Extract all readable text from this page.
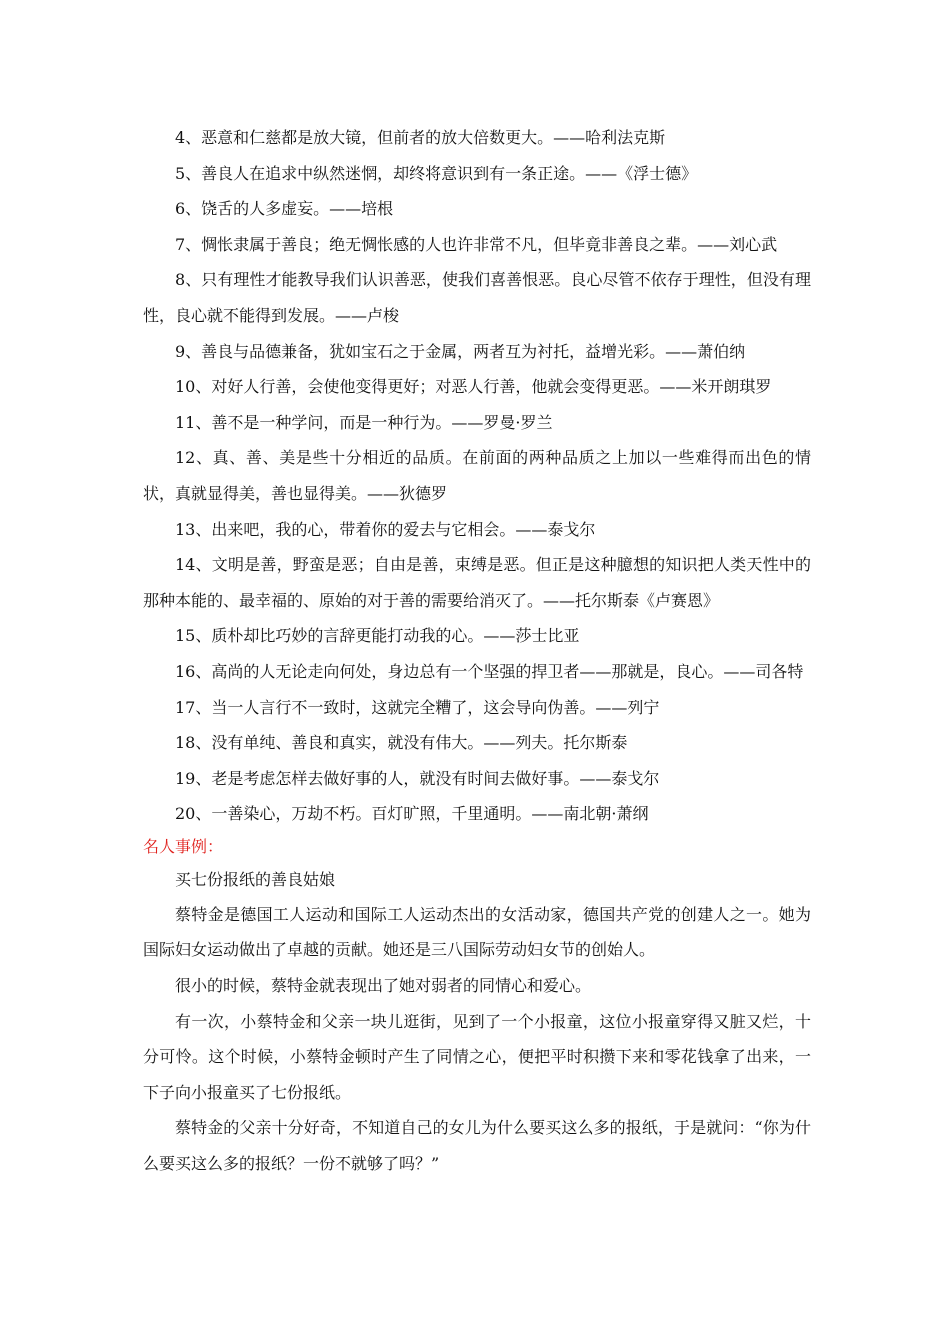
4、恶意和仁慈都是放大镜，但前者的放大倍数更大。——哈利法克斯

5、善良人在追求中纵然迷惘，却终将意识到有一条正途。——《浮士德》

6、饶舌的人多虚妄。——培根

7、惆怅隶属于善良；绝无惆怅感的人也许非常不凡，但毕竟非善良之辈。——刘心武

8、只有理性才能教导我们认识善恶，使我们喜善恨恶。良心尽管不依存于理性，但没有理性，良心就不能得到发展。——卢梭

9、善良与品德兼备，犹如宝石之于金属，两者互为衬托，益增光彩。——萧伯纳

10、对好人行善，会使他变得更好；对恶人行善，他就会变得更恶。——米开朗琪罗

11、善不是一种学问，而是一种行为。——罗曼·罗兰

12、真、善、美是些十分相近的品质。在前面的两种品质之上加以一些难得而出色的情状，真就显得美，善也显得美。——狄德罗

13、出来吧，我的心，带着你的爱去与它相会。——泰戈尔

14、文明是善，野蛮是恶；自由是善，束缚是恶。但正是这种臆想的知识把人类天性中的那种本能的、最幸福的、原始的对于善的需要给消灭了。——托尔斯泰《卢赛恩》

15、质朴却比巧妙的言辞更能打动我的心。——莎士比亚

16、高尚的人无论走向何处，身边总有一个坚强的捍卫者——那就是，良心。——司各特

17、当一人言行不一致时，这就完全糟了，这会导向伪善。——列宁

18、没有单纯、善良和真实，就没有伟大。——列夫。托尔斯泰

19、老是考虑怎样去做好事的人，就没有时间去做好事。——泰戈尔

20、一善染心，万劫不朽。百灯旷照，千里通明。——南北朝·萧纲

名人事例：

买七份报纸的善良姑娘

蔡特金是德国工人运动和国际工人运动杰出的女活动家，德国共产党的创建人之一。她为国际妇女运动做出了卓越的贡献。她还是三八国际劳动妇女节的创始人。

很小的时候，蔡特金就表现出了她对弱者的同情心和爱心。

有一次，小蔡特金和父亲一块儿逛街，见到了一个小报童，这位小报童穿得又脏又烂，十分可怜。这个时候，小蔡特金顿时产生了同情之心，便把平时积攒下来和零花钱拿了出来，一下子向小报童买了七份报纸。

蔡特金的父亲十分好奇，不知道自己的女儿为什么要买这么多的报纸，于是就问：“你为什么要买这么多的报纸？一份不就够了吗？”
